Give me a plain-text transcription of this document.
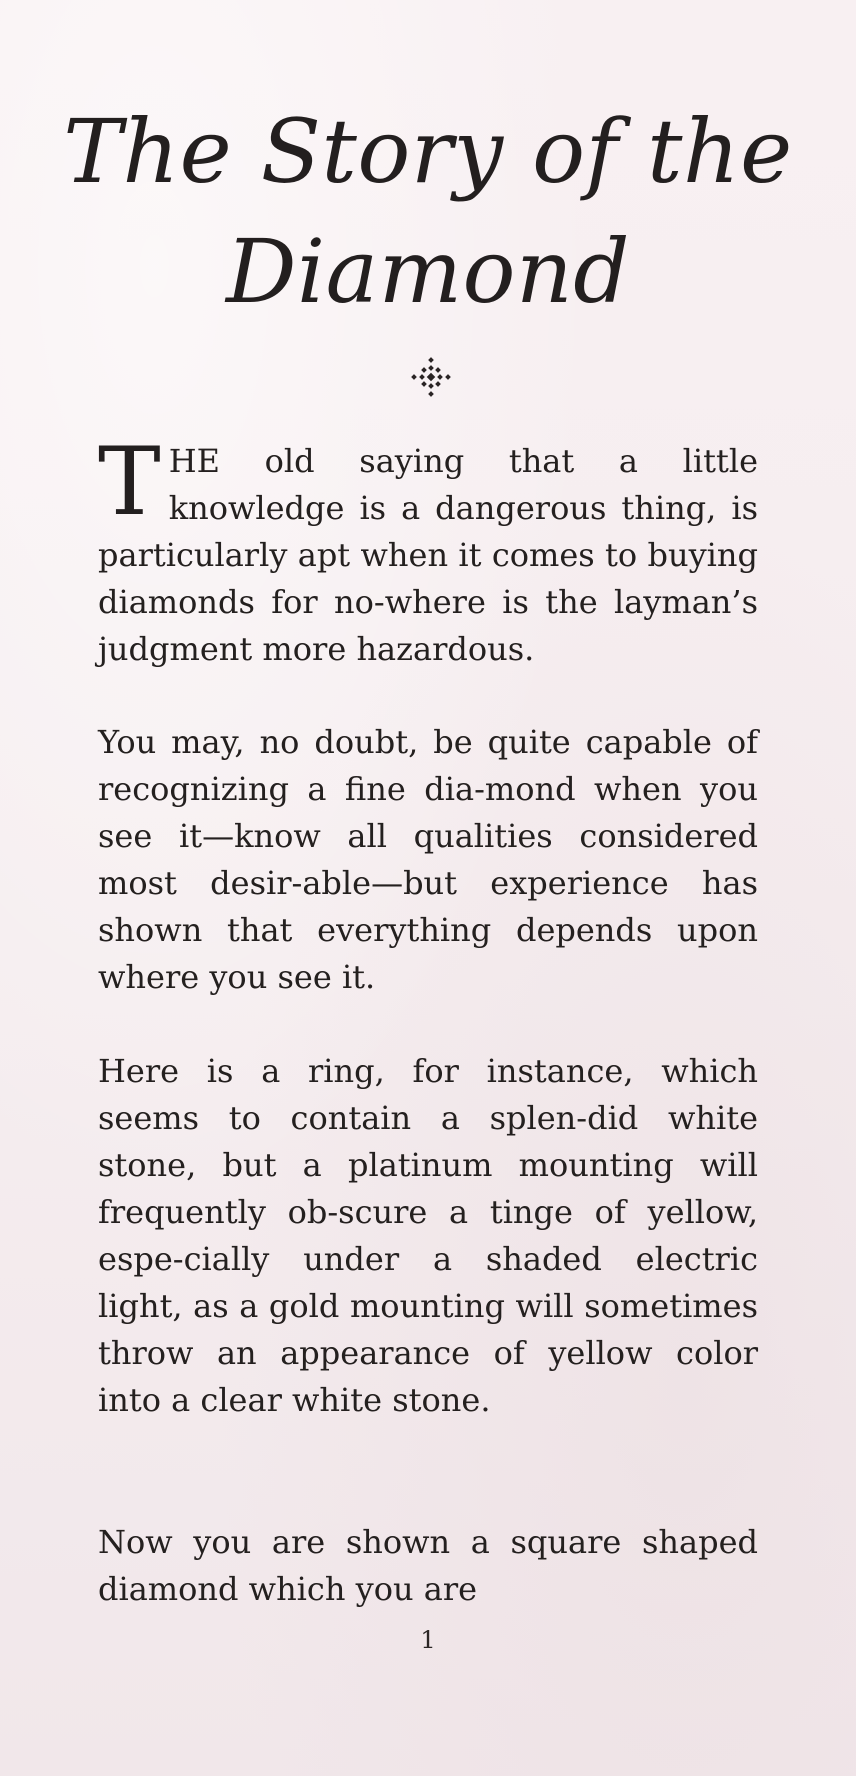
The Story of the
Diamond

THE old saying that a little knowledge is a dangerous thing, is particularly apt when it comes to buying diamonds for no-where is the layman’s judgment more hazardous.

You may, no doubt, be quite capable of recognizing a fine dia-mond when you see it—know all qualities considered most desir-able—but experience has shown that everything depends upon where you see it.

Here is a ring, for instance, which seems to contain a splen-did white stone, but a platinum mounting will frequently ob-scure a tinge of yellow, espe-cially under a shaded electric light, as a gold mounting will sometimes throw an appearance of yellow color into a clear white stone.

Now you are shown a square shaped diamond which you are

1
